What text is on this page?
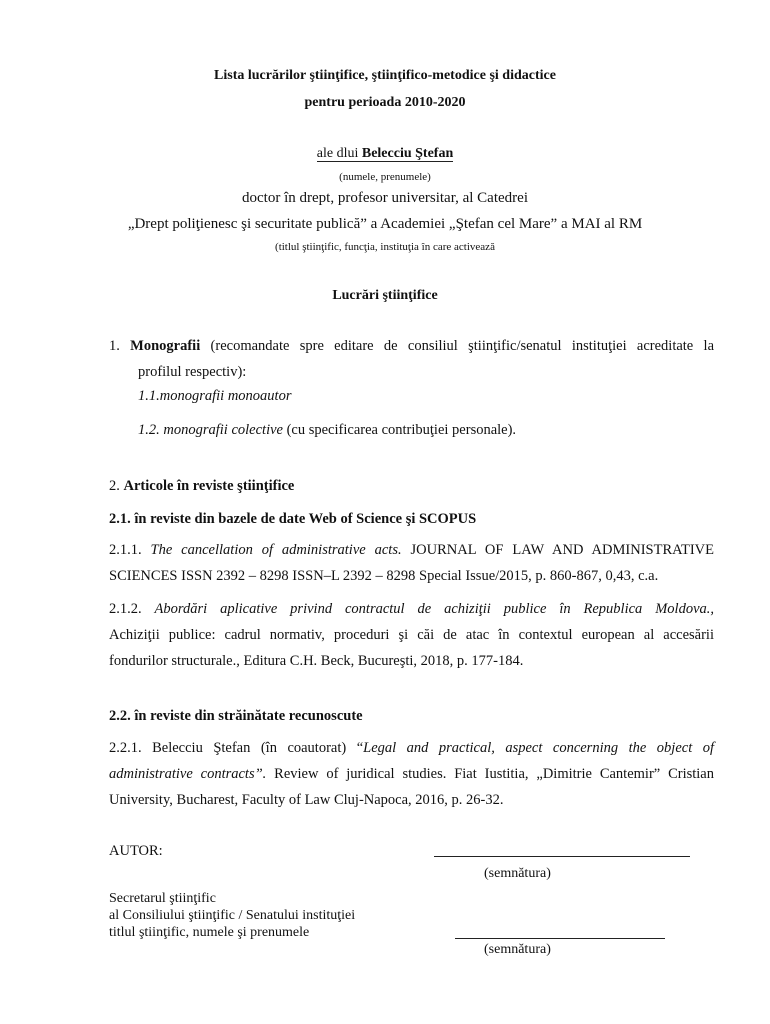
Lista lucrărilor ştiinţifice, ştiinţifico-metodice şi didactice
pentru perioada 2010-2020
ale dlui Belecciu Ştefan
(numele, prenumele)
doctor în drept, profesor universitar, al Catedrei
„Drept poliţienesc şi securitate publică” a Academiei „Ştefan cel Mare” a MAI al RM
(titlul ştiinţific, funcţia, instituţia în care activează
Lucrări ştiinţifice
1. Monografii (recomandate spre editare de consiliul ştiinţific/senatul instituţiei acreditate la
profilul respectiv):
1.1.monografii monoautor
1.2. monografii colective (cu specificarea contribuţiei personale).
2. Articole în reviste ştiinţifice
2.1. în reviste din bazele de date Web of Science şi SCOPUS
2.1.1. The cancellation of administrative acts. JOURNAL OF LAW AND ADMINISTRATIVE
SCIENCES ISSN 2392 – 8298 ISSN–L 2392 – 8298 Special Issue/2015, p. 860-867, 0,43, c.a.
2.1.2. Abordări aplicative privind contractul de achiziţii publice în Republica Moldova.,
Achiziţii publice: cadrul normativ, proceduri şi căi de atac în contextul european al accesării
fondurilor structurale., Editura C.H. Beck, Bucureşti, 2018, p. 177-184.
2.2. în reviste din străinătate recunoscute
2.2.1. Belecciu Ştefan (în coautorat) “Legal and practical, aspect concerning the object of
administrative contracts”. Review of juridical studies. Fiat Iustitia, „Dimitrie Cantemir” Cristian
University, Bucharest, Faculty of Law Cluj-Napoca, 2016, p. 26-32.
AUTOR:
(semnătura)
Secretarul ştiinţific
al Consiliului ştiinţific / Senatului instituţiei
titlul ştiinţific, numele şi prenumele
(semnătura)
